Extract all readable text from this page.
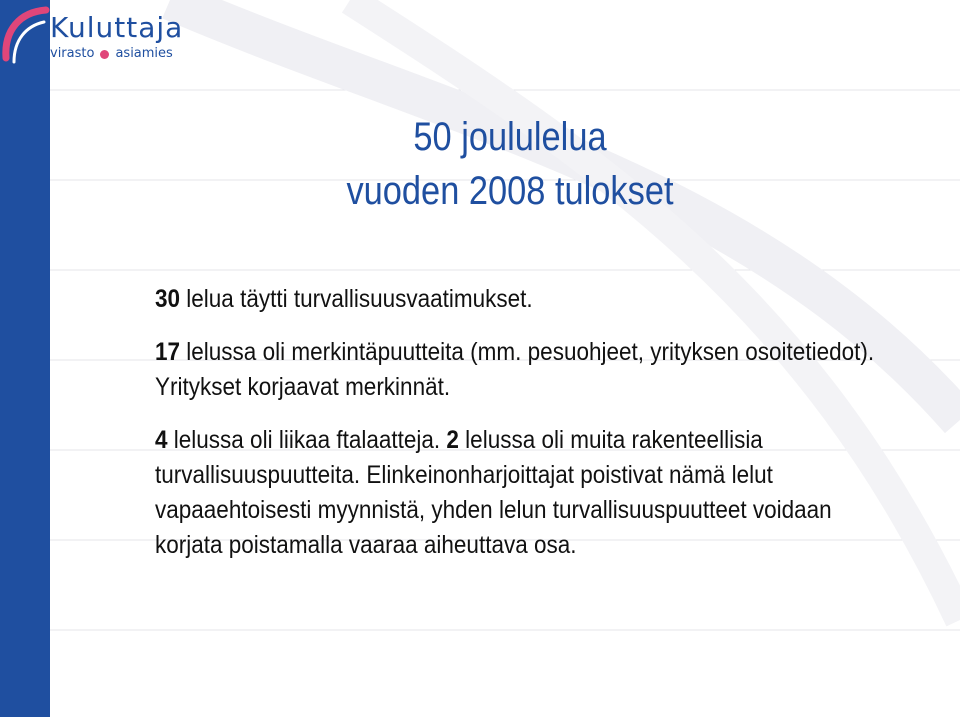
Kuluttaja
virasto asiamies
50 joululelua
vuoden 2008 tulokset

30 lelua täytti turvallisuusvaatimukset.

17 lelussa oli merkintäpuutteita (mm. pesuohjeet, yrityksen osoitetiedot). Yritykset korjaavat merkinnät.

4 lelussa oli liikaa ftalaatteja. 2 lelussa oli muita rakenteellisia turvallisuuspuutteita. Elinkeinonharjoittajat poistivat nämä lelut vapaaehtoisesti myynnistä, yhden lelun turvallisuuspuutteet voidaan korjata poistamalla vaaraa aiheuttava osa.
